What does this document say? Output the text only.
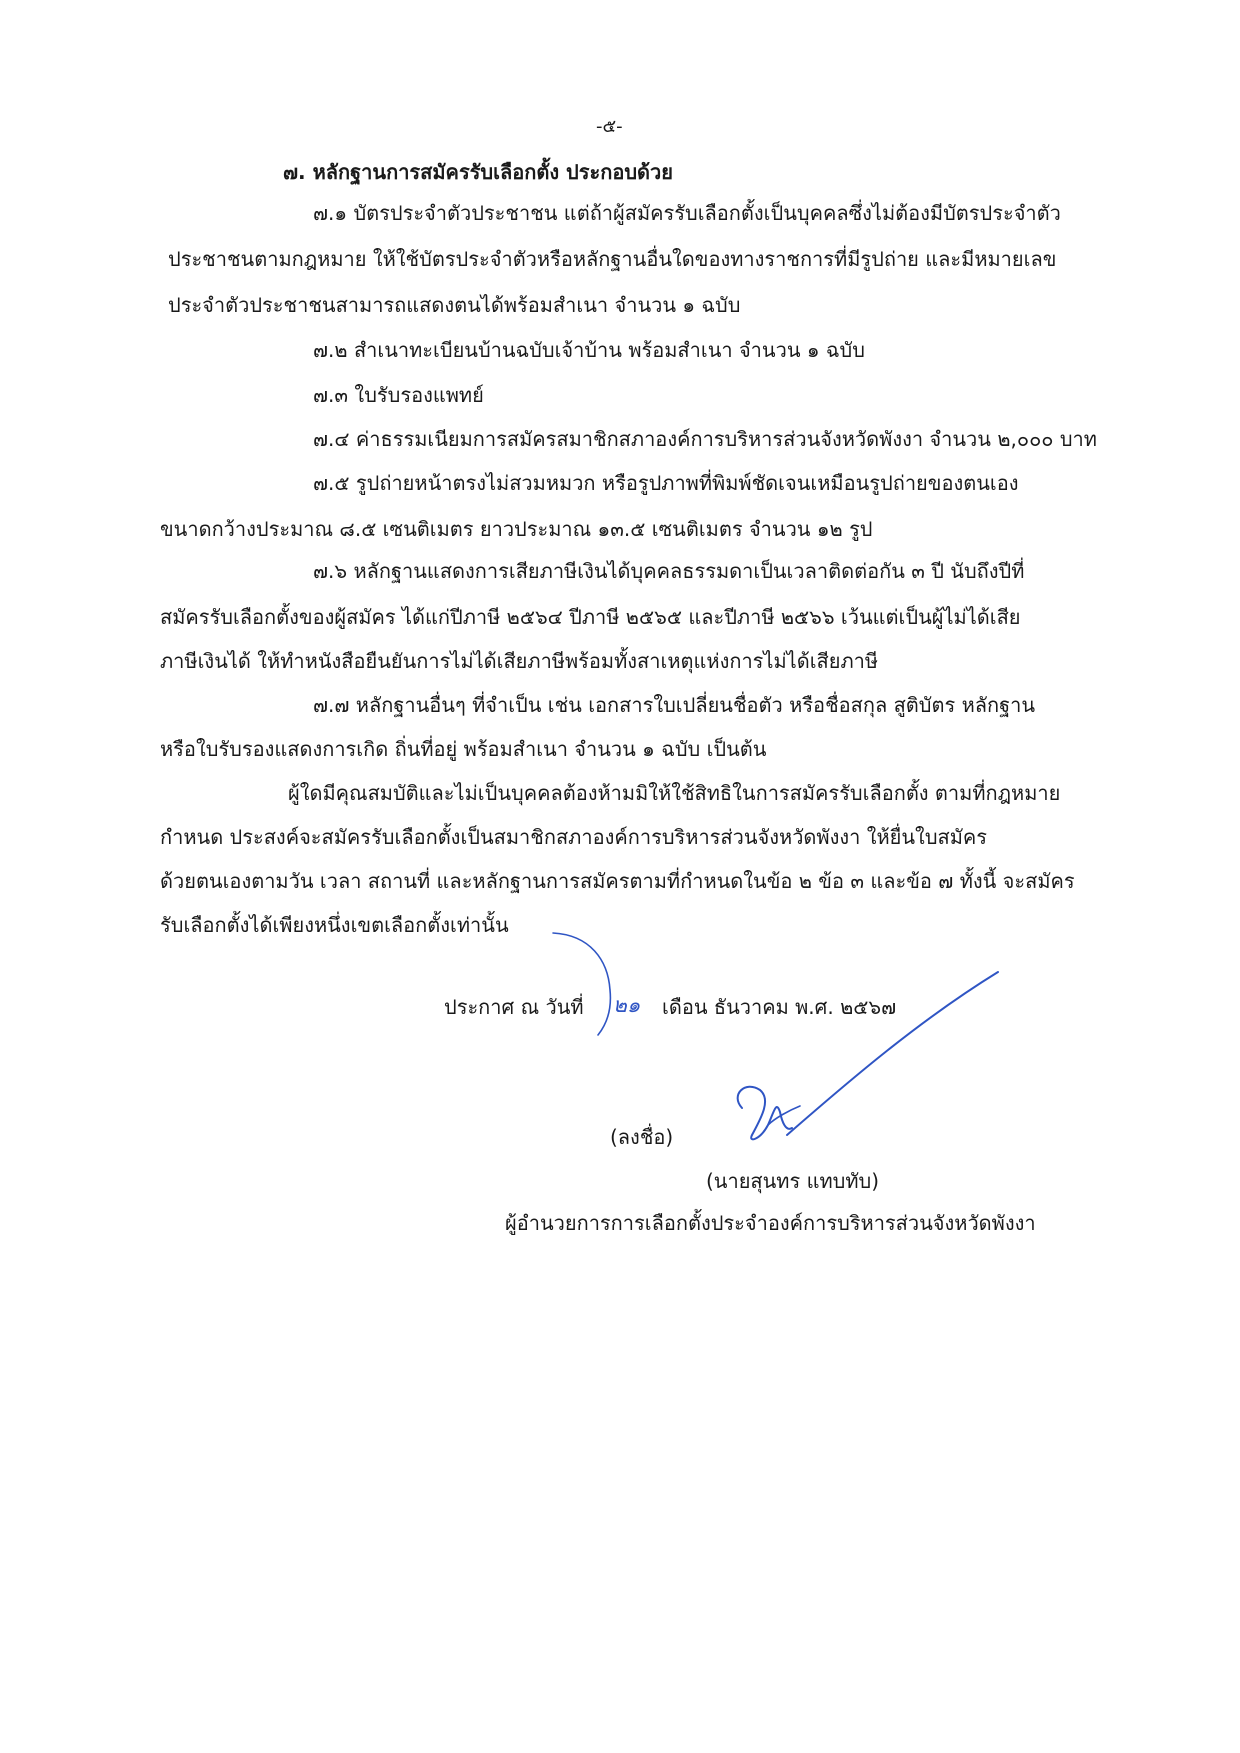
-๕-
๗. หลักฐานการสมัครรับเลือกตั้ง ประกอบด้วย
๗.๑ บัตรประจำตัวประชาชน แต่ถ้าผู้สมัครรับเลือกตั้งเป็นบุคคลซึ่งไม่ต้องมีบัตรประจำตัว
ประชาชนตามกฎหมาย ให้ใช้บัตรประจำตัวหรือหลักฐานอื่นใดของทางราชการที่มีรูปถ่าย และมีหมายเลข
ประจำตัวประชาชนสามารถแสดงตนได้พร้อมสำเนา จำนวน ๑ ฉบับ
๗.๒ สำเนาทะเบียนบ้านฉบับเจ้าบ้าน พร้อมสำเนา จำนวน ๑ ฉบับ
๗.๓ ใบรับรองแพทย์
๗.๔ ค่าธรรมเนียมการสมัครสมาชิกสภาองค์การบริหารส่วนจังหวัดพังงา จำนวน ๒,๐๐๐ บาท
๗.๕ รูปถ่ายหน้าตรงไม่สวมหมวก หรือรูปภาพที่พิมพ์ชัดเจนเหมือนรูปถ่ายของตนเอง
ขนาดกว้างประมาณ ๘.๕ เซนติเมตร ยาวประมาณ ๑๓.๕ เซนติเมตร จำนวน ๑๒ รูป
๗.๖ หลักฐานแสดงการเสียภาษีเงินได้บุคคลธรรมดาเป็นเวลาติดต่อกัน ๓ ปี นับถึงปีที่
สมัครรับเลือกตั้งของผู้สมัคร ได้แก่ปีภาษี ๒๕๖๔ ปีภาษี ๒๕๖๕ และปีภาษี ๒๕๖๖ เว้นแต่เป็นผู้ไม่ได้เสีย
ภาษีเงินได้ ให้ทำหนังสือยืนยันการไม่ได้เสียภาษีพร้อมทั้งสาเหตุแห่งการไม่ได้เสียภาษี
๗.๗ หลักฐานอื่นๆ ที่จำเป็น เช่น เอกสารใบเปลี่ยนชื่อตัว หรือชื่อสกุล สูติบัตร หลักฐาน
หรือใบรับรองแสดงการเกิด ถิ่นที่อยู่ พร้อมสำเนา จำนวน ๑ ฉบับ เป็นต้น
ผู้ใดมีคุณสมบัติและไม่เป็นบุคคลต้องห้ามมิให้ใช้สิทธิในการสมัครรับเลือกตั้ง ตามที่กฎหมาย
กำหนด ประสงค์จะสมัครรับเลือกตั้งเป็นสมาชิกสภาองค์การบริหารส่วนจังหวัดพังงา ให้ยื่นใบสมัคร
ด้วยตนเองตามวัน เวลา สถานที่ และหลักฐานการสมัครตามที่กำหนดในข้อ ๒ ข้อ ๓ และข้อ ๗ ทั้งนี้ จะสมัคร
รับเลือกตั้งได้เพียงหนึ่งเขตเลือกตั้งเท่านั้น
ประกาศ ณ วันที่ ๒๑ เดือน ธันวาคม พ.ศ. ๒๕๖๗
(ลงชื่อ)
(นายสุนทร แทบทับ)
ผู้อำนวยการการเลือกตั้งประจำองค์การบริหารส่วนจังหวัดพังงา
